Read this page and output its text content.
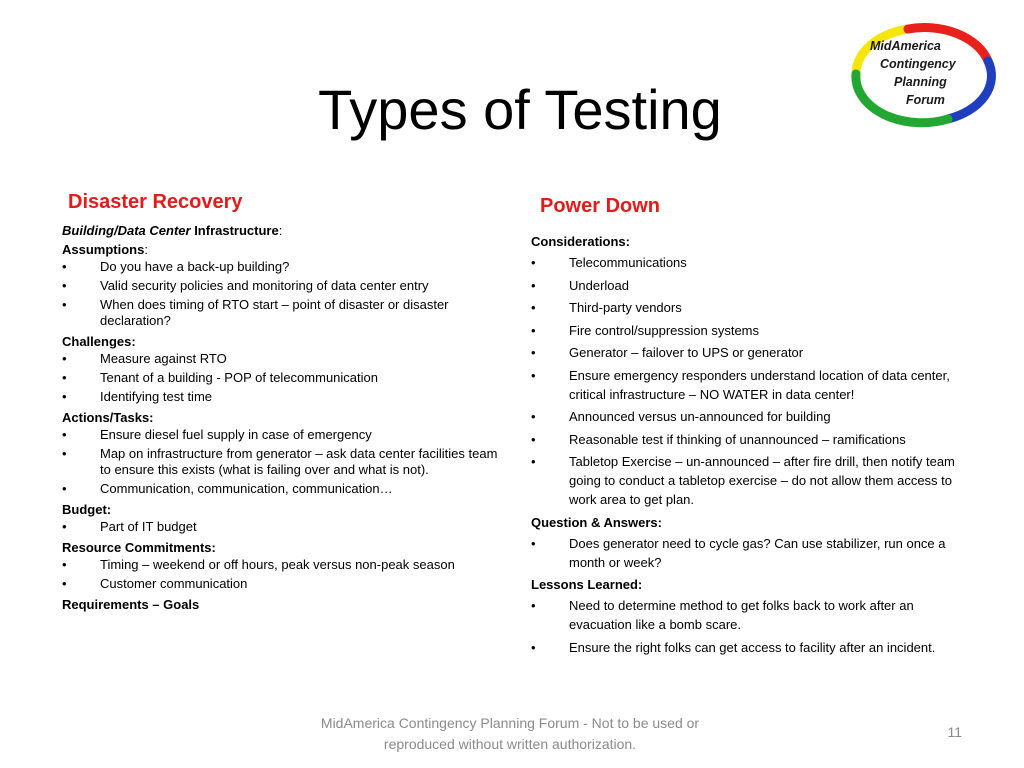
Types of Testing
MidAmerica
Contingency
Planning
Forum
Disaster Recovery

Building/Data Center Infrastructure:

Assumptions:

• Do you have a back-up building?
• Valid security policies and monitoring of data center entry
• When does timing of RTO start – point of disaster or disaster declaration?

Challenges:

• Measure against RTO
• Tenant of a building - POP of telecommunication
• Identifying test time

Actions/Tasks:

• Ensure diesel fuel supply in case of emergency
• Map on infrastructure from generator – ask data center facilities team to ensure this exists (what is failing over and what is not).
• Communication, communication, communication…

Budget:

• Part of IT budget

Resource Commitments:

• Timing – weekend or off hours, peak versus non-peak season
• Customer communication

Requirements – Goals

Power Down

Considerations:

• Telecommunications
• Underload
• Third-party vendors
• Fire control/suppression systems
• Generator – failover to UPS or generator
• Ensure emergency responders understand location of data center, critical infrastructure – NO WATER in data center!
• Announced versus un-announced for building
• Reasonable test if thinking of unannounced – ramifications
• Tabletop Exercise – un-announced – after fire drill, then notify team going to conduct a tabletop exercise – do not allow them access to work area to get plan.

Question & Answers:

• Does generator need to cycle gas? Can use stabilizer, run once a month or week?

Lessons Learned:

• Need to determine method to get folks back to work after an evacuation like a bomb scare.
• Ensure the right folks can get access to facility after an incident.
MidAmerica Contingency Planning Forum - Not to be used or
reproduced without written authorization.
11
